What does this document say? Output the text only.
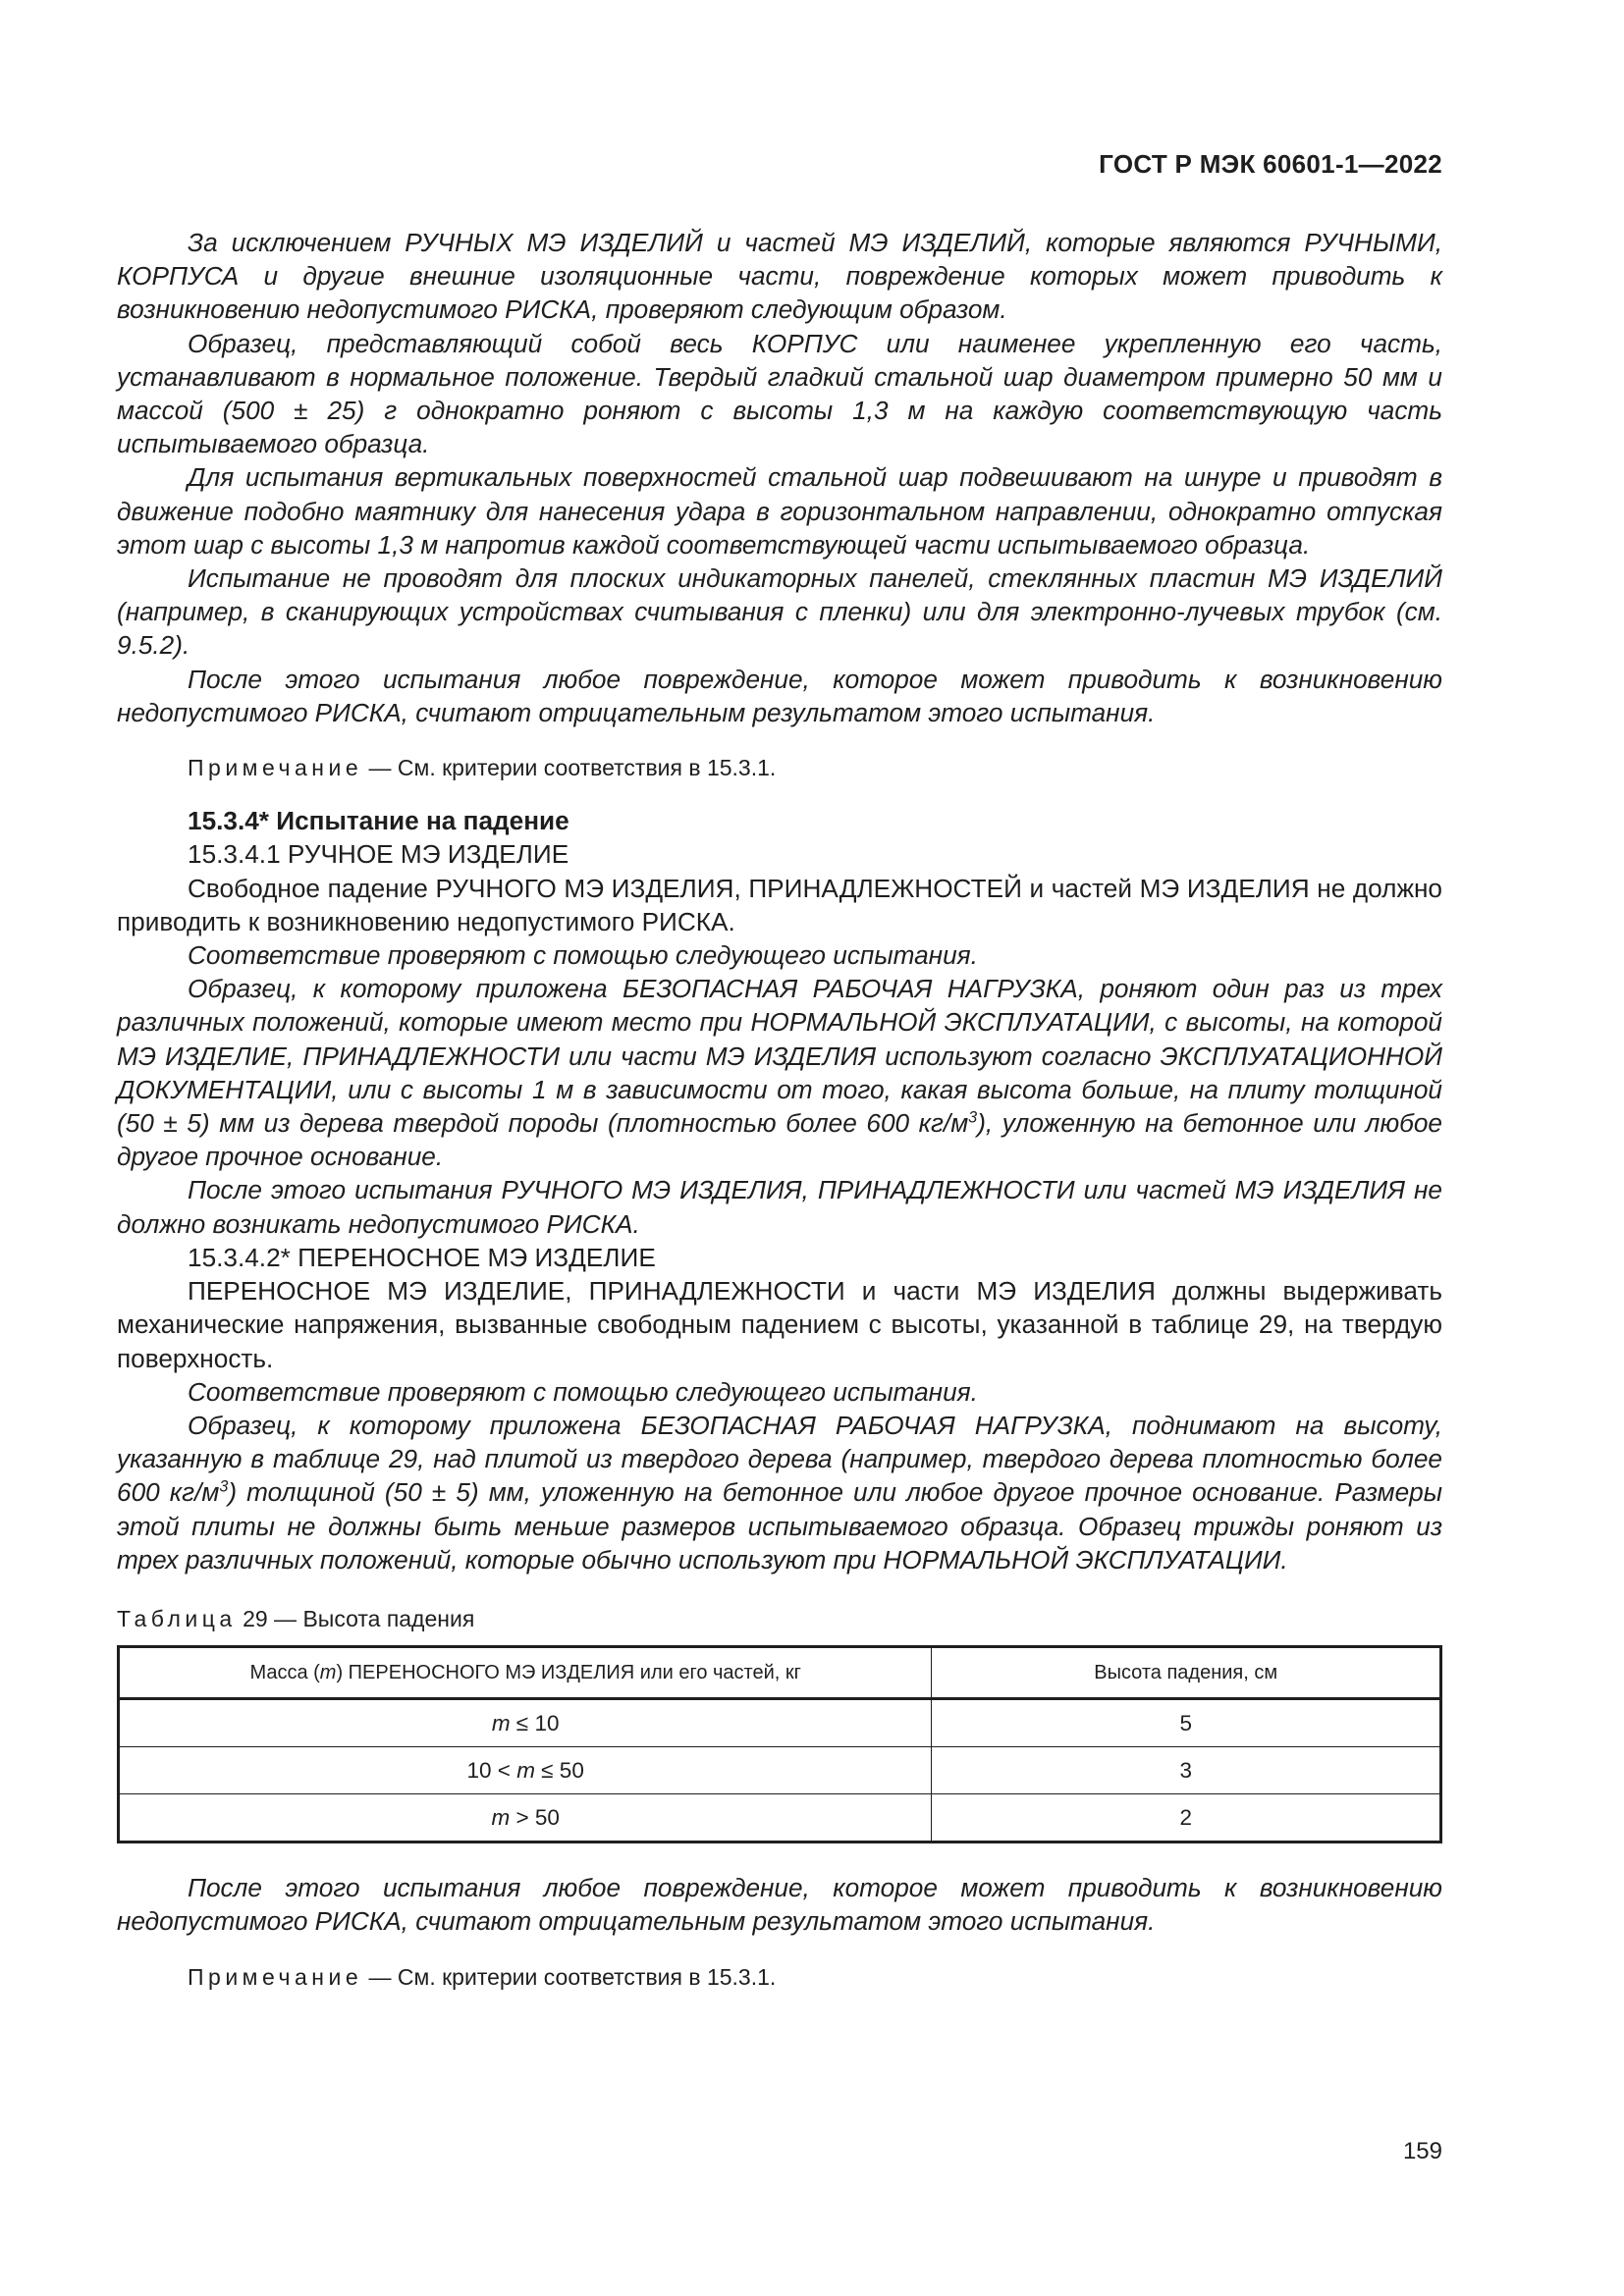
ГОСТ Р МЭК 60601-1—2022

За исключением РУЧНЫХ МЭ ИЗДЕЛИЙ и частей МЭ ИЗДЕЛИЙ, которые являются РУЧНЫМИ, КОРПУСА и другие внешние изоляционные части, повреждение которых может приводить к возникновению недопустимого РИСКА, проверяют следующим образом.

Образец, представляющий собой весь КОРПУС или наименее укрепленную его часть, устанавливают в нормальное положение. Твердый гладкий стальной шар диаметром примерно 50 мм и массой (500 ± 25) г однократно роняют с высоты 1,3 м на каждую соответствующую часть испытываемого образца.

Для испытания вертикальных поверхностей стальной шар подвешивают на шнуре и приводят в движение подобно маятнику для нанесения удара в горизонтальном направлении, однократно отпуская этот шар с высоты 1,3 м напротив каждой соответствующей части испытываемого образца.

Испытание не проводят для плоских индикаторных панелей, стеклянных пластин МЭ ИЗДЕЛИЙ (например, в сканирующих устройствах считывания с пленки) или для электронно-лучевых трубок (см. 9.5.2).

После этого испытания любое повреждение, которое может приводить к возникновению недопустимого РИСКА, считают отрицательным результатом этого испытания.

Примечание — См. критерии соответствия в 15.3.1.

15.3.4* Испытание на падение

15.3.4.1 РУЧНОЕ МЭ ИЗДЕЛИЕ

Свободное падение РУЧНОГО МЭ ИЗДЕЛИЯ, ПРИНАДЛЕЖНОСТЕЙ и частей МЭ ИЗДЕЛИЯ не должно приводить к возникновению недопустимого РИСКА.

Соответствие проверяют с помощью следующего испытания.

Образец, к которому приложена БЕЗОПАСНАЯ РАБОЧАЯ НАГРУЗКА, роняют один раз из трех различных положений, которые имеют место при НОРМАЛЬНОЙ ЭКСПЛУАТАЦИИ, с высоты, на которой МЭ ИЗДЕЛИЕ, ПРИНАДЛЕЖНОСТИ или части МЭ ИЗДЕЛИЯ используют согласно ЭКСПЛУАТАЦИОННОЙ ДОКУМЕНТАЦИИ, или с высоты 1 м в зависимости от того, какая высота больше, на плиту толщиной (50 ± 5) мм из дерева твердой породы (плотностью более 600 $кг/м^3$), уложенную на бетонное или любое другое прочное основание.

После этого испытания РУЧНОГО МЭ ИЗДЕЛИЯ, ПРИНАДЛЕЖНОСТИ или частей МЭ ИЗДЕЛИЯ не должно возникать недопустимого РИСКА.

15.3.4.2* ПЕРЕНОСНОЕ МЭ ИЗДЕЛИЕ

ПЕРЕНОСНОЕ МЭ ИЗДЕЛИЕ, ПРИНАДЛЕЖНОСТИ и части МЭ ИЗДЕЛИЯ должны выдерживать механические напряжения, вызванные свободным падением с высоты, указанной в таблице 29, на твердую поверхность.

Соответствие проверяют с помощью следующего испытания.

Образец, к которому приложена БЕЗОПАСНАЯ РАБОЧАЯ НАГРУЗКА, поднимают на высоту, указанную в таблице 29, над плитой из твердого дерева (например, твердого дерева плотностью более 600 $кг/м^3$) толщиной (50 ± 5) мм, уложенную на бетонное или любое другое прочное основание. Размеры этой плиты не должны быть меньше размеров испытываемого образца. Образец трижды роняют из трех различных положений, которые обычно используют при НОРМАЛЬНОЙ ЭКСПЛУАТАЦИИ.

Таблица 29 — Высота падения
Масса (m) ПЕРЕНОСНОГО МЭ ИЗДЕЛИЯ или его частей, кг	Высота падения, см
m ≤ 10	5
10 < m ≤ 50	3
m > 50	2

После этого испытания любое повреждение, которое может приводить к возникновению недопустимого РИСКА, считают отрицательным результатом этого испытания.

Примечание — См. критерии соответствия в 15.3.1.
159
